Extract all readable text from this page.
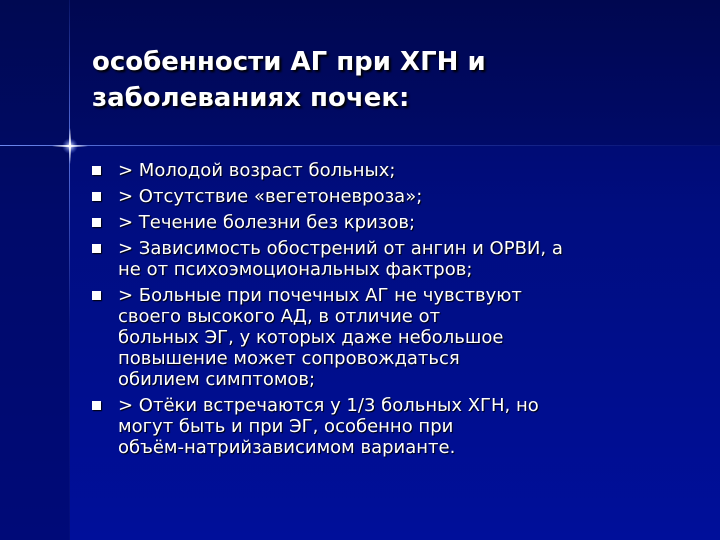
особенности АГ при ХГН и
заболеваниях почек:
> Молодой возраст больных;
> Отсутствие «вегетоневроза»;
> Течение болезни без кризов;
> Зависимость обострений от ангин и ОРВИ, а
не от психоэмоциональных фактров;
> Больные при почечных АГ не чувствуют
своего высокого АД, в отличие от
больных ЭГ, у которых даже небольшое
повышение может сопровождаться
обилием симптомов;
> Отёки встречаются у 1/3 больных ХГН, но
могут быть и при ЭГ, особенно при
объём-натрийзависимом варианте.
